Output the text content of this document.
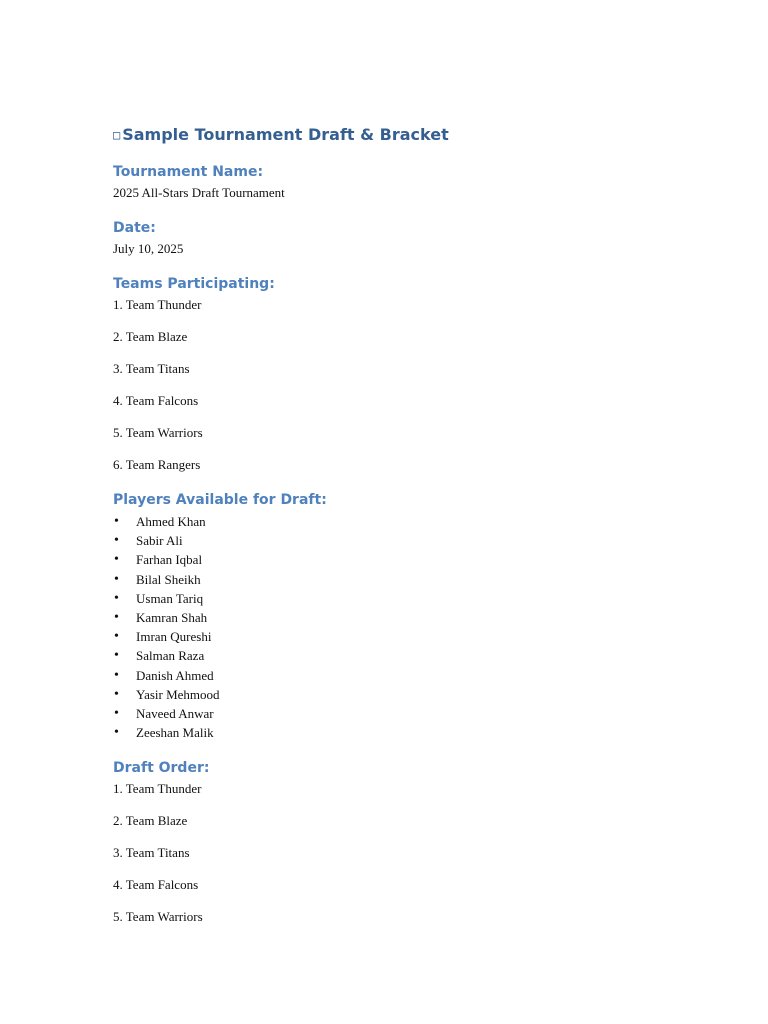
□ Sample Tournament Draft & Bracket
Tournament Name:
2025 All-Stars Draft Tournament
Date:
July 10, 2025
Teams Participating:
1. Team Thunder
2. Team Blaze
3. Team Titans
4. Team Falcons
5. Team Warriors
6. Team Rangers
Players Available for Draft:
• Ahmed Khan
• Sabir Ali
• Farhan Iqbal
• Bilal Sheikh
• Usman Tariq
• Kamran Shah
• Imran Qureshi
• Salman Raza
• Danish Ahmed
• Yasir Mehmood
• Naveed Anwar
• Zeeshan Malik
Draft Order:
1. Team Thunder
2. Team Blaze
3. Team Titans
4. Team Falcons
5. Team Warriors
